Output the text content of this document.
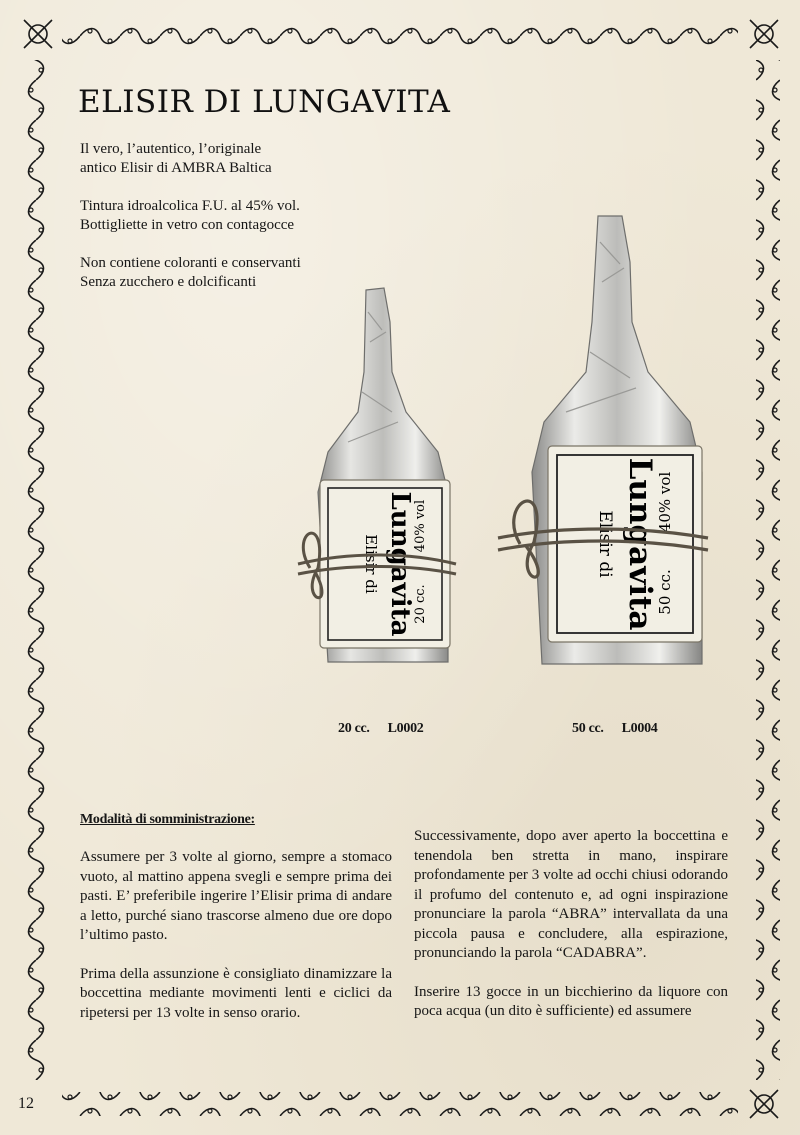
ELISIR DI LUNGAVITA

Il vero, l’autentico, l’originale
antico Elisir di AMBRA Baltica

Tintura idroalcolica F.U. al 45% vol.
Bottigliette in vetro con contagocce

Non contiene coloranti e conservanti
Senza zucchero e dolcificanti

Elisir di Lungavita
40% vol
20 cc.
Elisir di Lungavita
40% vol
50 cc.
20 cc. L0002	50 cc. L0004
Modalità di somministrazione:

Assumere per 3 volte al giorno, sempre a stomaco vuoto, al mattino appena svegli e sempre prima dei pasti. E’ preferibile ingerire l’Elisir prima di andare a letto, purché siano trascorse almeno due ore dopo l’ultimo pasto.

Prima della assunzione è consigliato dinamizzare la boccettina mediante movimenti lenti e ciclici da ripetersi per 13 volte in senso orario.

Successivamente, dopo aver aperto la boccettina e tenendola ben stretta in mano, inspirare profondamente per 3 volte ad occhi chiusi odorando il profumo del contenuto e, ad ogni inspirazione pronunciare la parola “ABRA” intervallata da una piccola pausa e concludere, alla espirazione, pronunciando la parola “CADABRA”.

Inserire 13 gocce in un bicchierino da liquore con poca acqua (un dito è sufficiente) ed assumere

12
